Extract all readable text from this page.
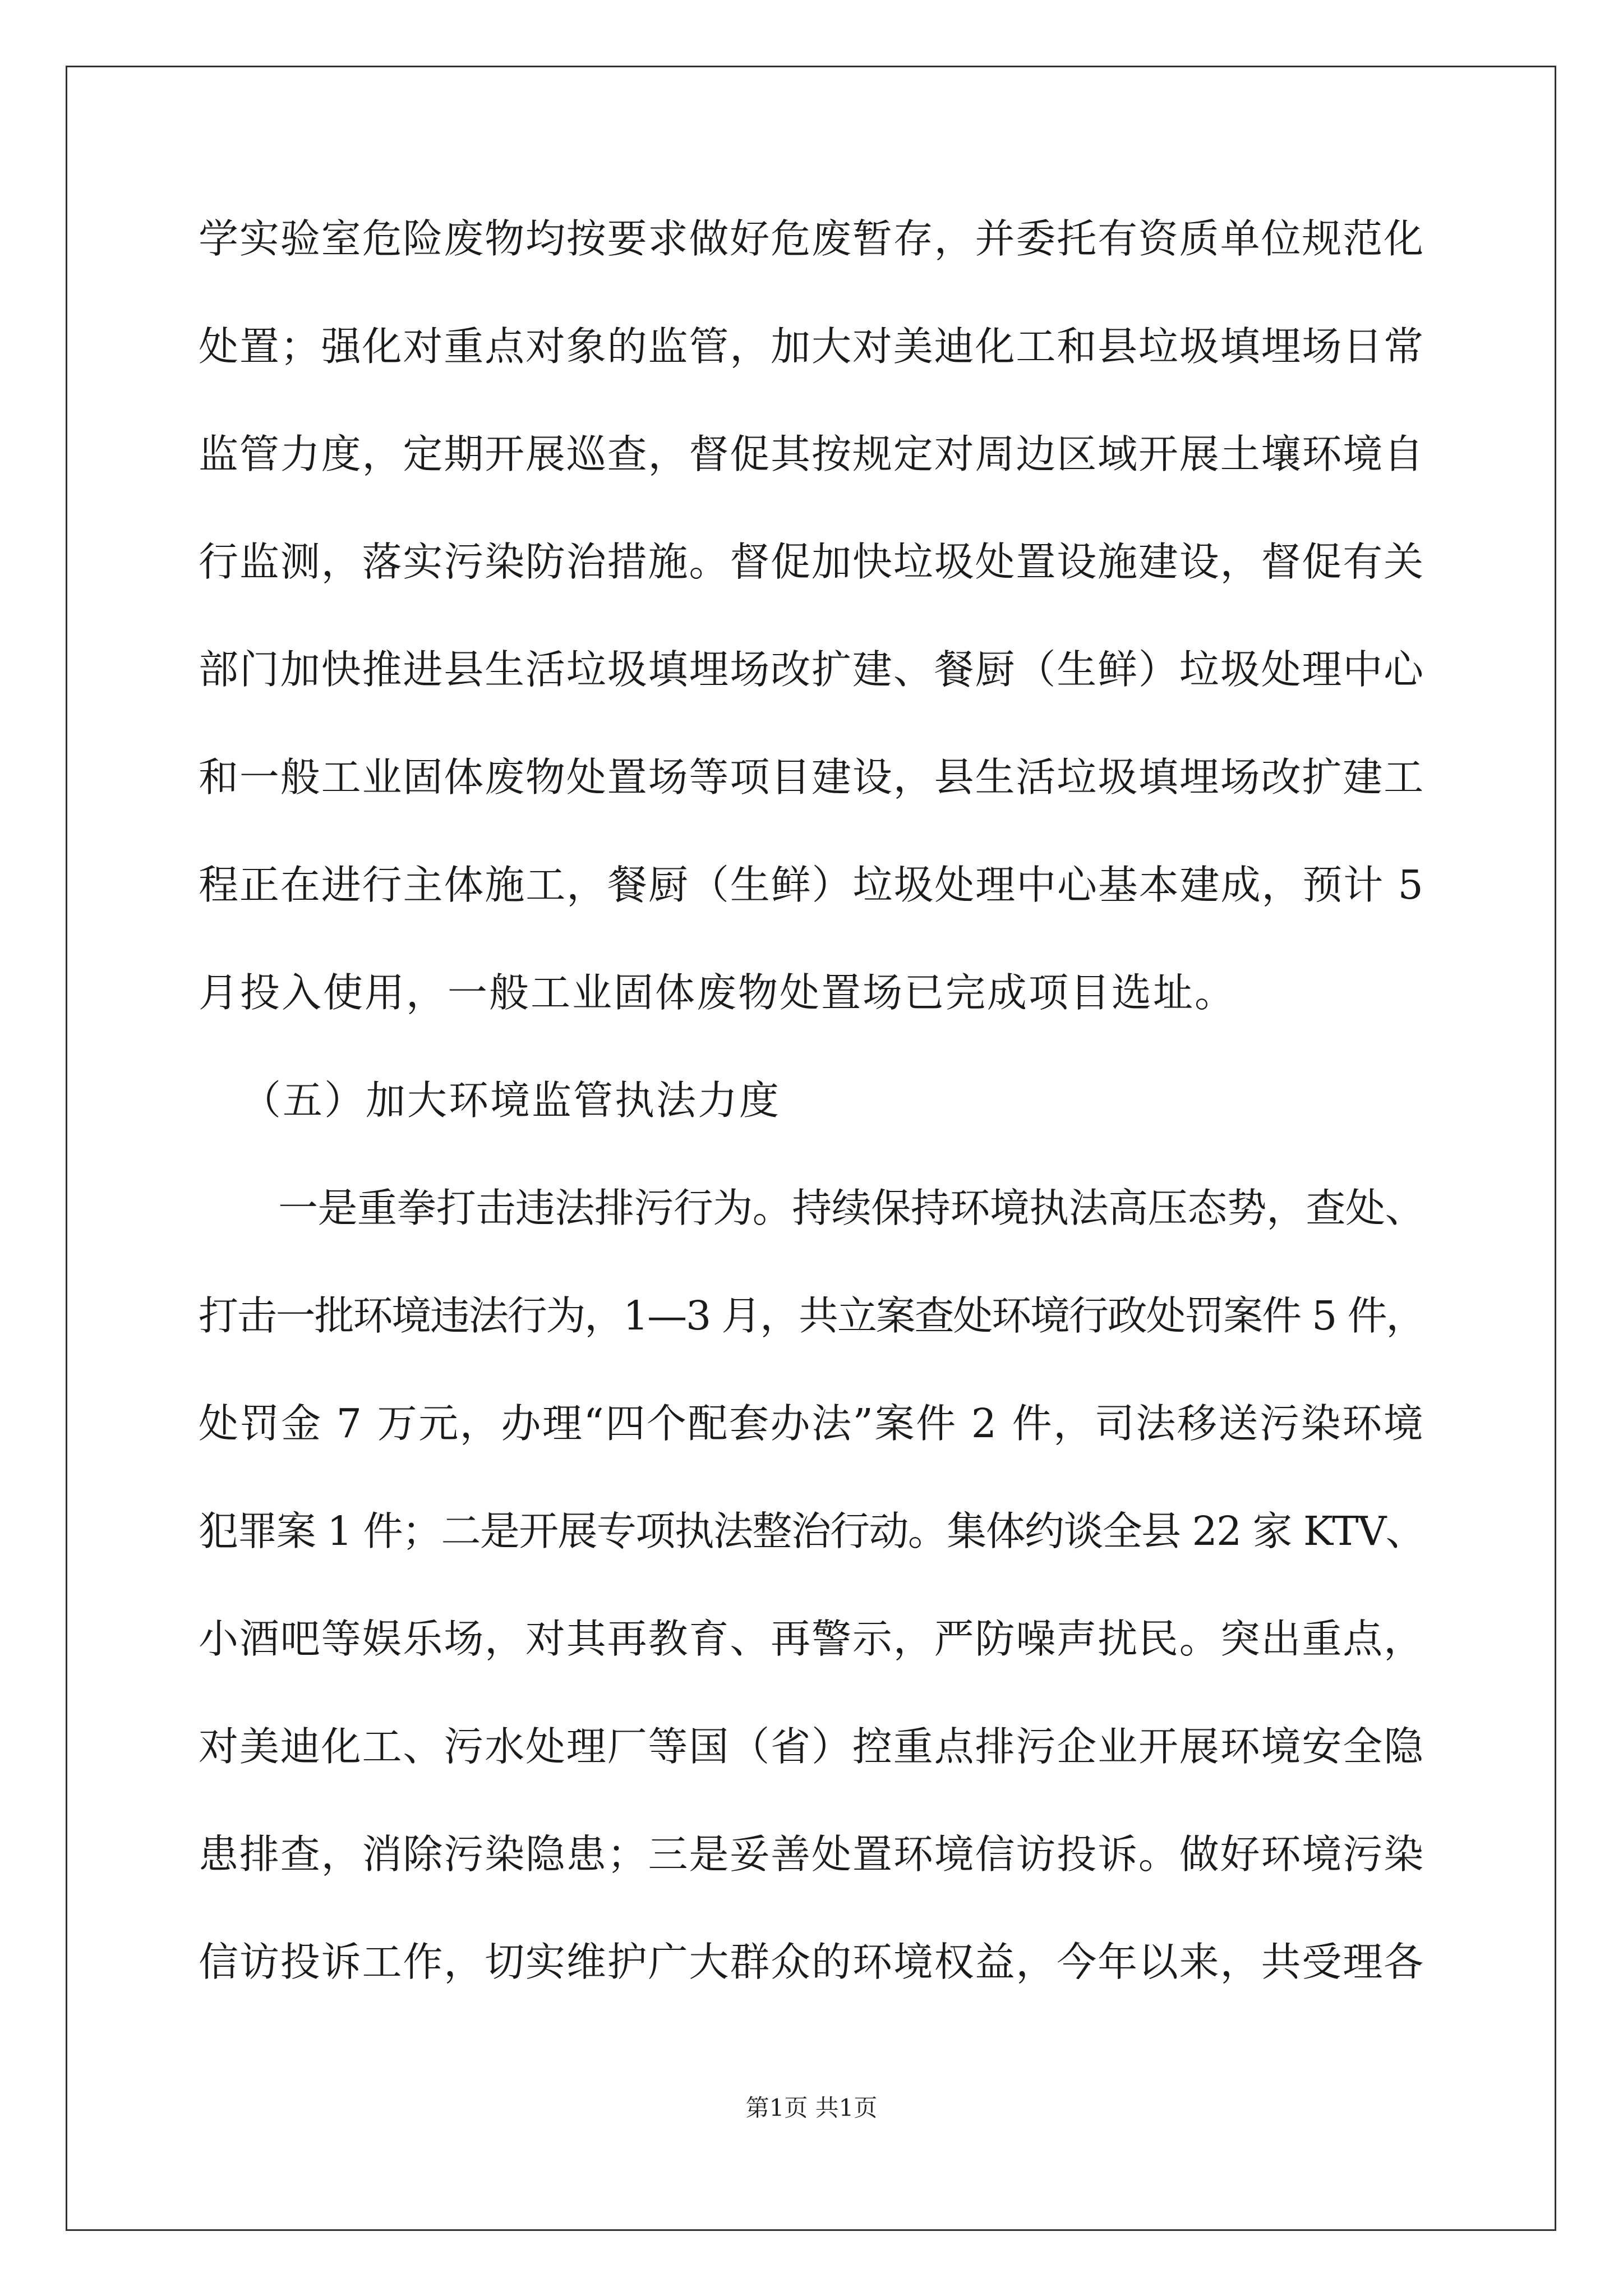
学实验室危险废物均按要求做好危废暂存，并委托有资质单位规范化
处置；强化对重点对象的监管，加大对美迪化工和县垃圾填埋场日常
监管力度，定期开展巡查，督促其按规定对周边区域开展土壤环境自
行监测，落实污染防治措施。督促加快垃圾处置设施建设，督促有关
部门加快推进县生活垃圾填埋场改扩建、餐厨（生鲜）垃圾处理中心
和一般工业固体废物处置场等项目建设，县生活垃圾填埋场改扩建工
程正在进行主体施工，餐厨（生鲜）垃圾处理中心基本建成，预计 5
月投入使用，一般工业固体废物处置场已完成项目选址。
（五）加大环境监管执法力度
一是重拳打击违法排污行为。持续保持环境执法高压态势，查处、
打击一批环境违法行为，1—3 月，共立案查处环境行政处罚案件 5 件，
处罚金 7 万元，办理“四个配套办法”案件 2 件，司法移送污染环境
犯罪案 1 件；二是开展专项执法整治行动。集体约谈全县 22 家 KTV、
小酒吧等娱乐场，对其再教育、再警示，严防噪声扰民。突出重点，
对美迪化工、污水处理厂等国（省）控重点排污企业开展环境安全隐
患排查，消除污染隐患；三是妥善处置环境信访投诉。做好环境污染
信访投诉工作，切实维护广大群众的环境权益，今年以来，共受理各
第1页 共1页
